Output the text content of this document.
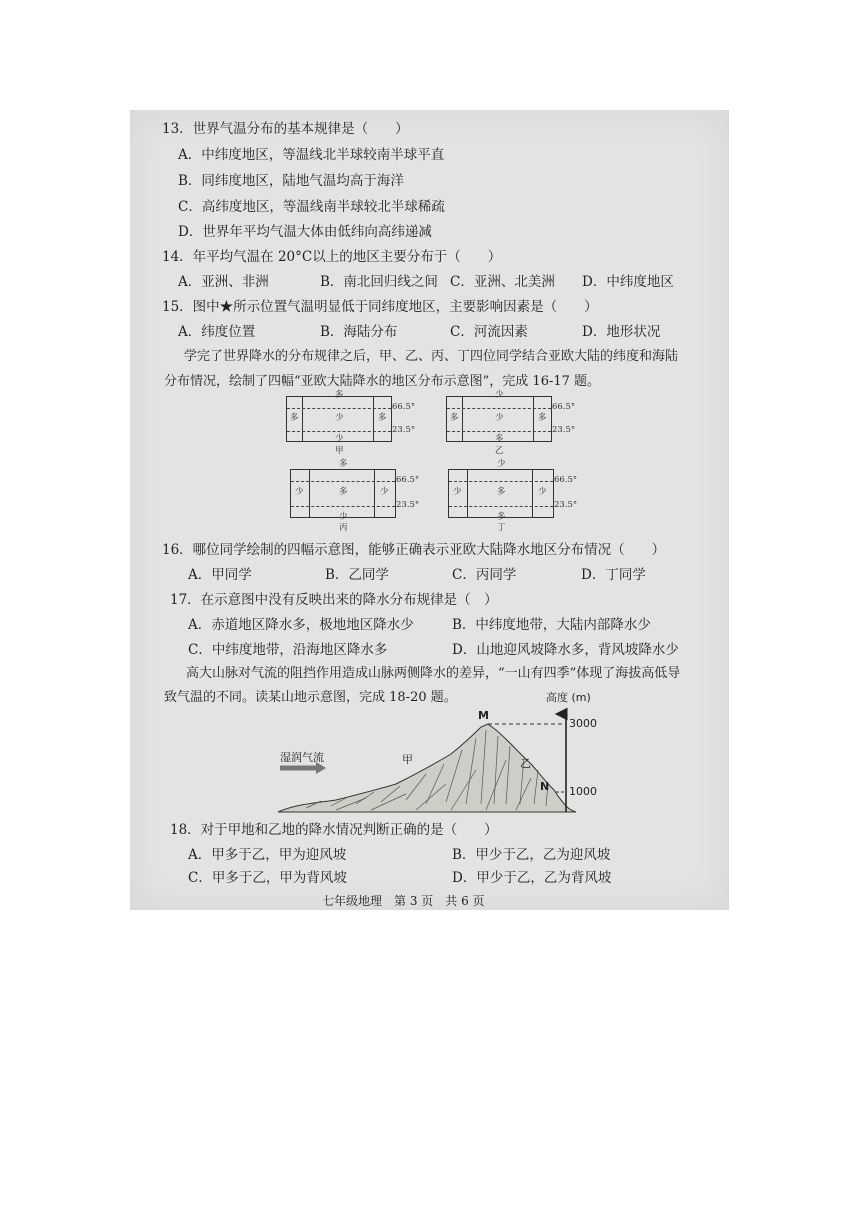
13．世界气温分布的基本规律是（　　）
A．中纬度地区，等温线北半球较南半球平直
B．同纬度地区，陆地气温均高于海洋
C．高纬度地区，等温线南半球较北半球稀疏
D．世界年平均气温大体由低纬向高纬递减
14．年平均气温在 20°C以上的地区主要分布于（　　）
A．亚洲、非洲	B．南北回归线之间 C．亚洲、北美洲 D．中纬度地区
15．图中★所示位置气温明显低于同纬度地区，主要影响因素是（　　）
A．纬度位置	B．海陆分布	C．河流因素	D．地形状况
学完了世界降水的分布规律之后，甲、乙、丙、丁四位同学结合亚欧大陆的纬度和海陆
分布情况，绘制了四幅“亚欧大陆降水的地区分布示意图”，完成 16-17 题。
多
多	少	多
66.5°
23.5°
少
甲
少
多	少	多
66.5°
23.5°
多
乙
多
少	多	少
66.5°
23.5°
少
丙
少
少	多	少
66.5°
23.5°
多
丁
16．哪位同学绘制的四幅示意图，能够正确表示亚欧大陆降水地区分布情况（　　）
A．甲同学	B．乙同学	C．丙同学	D．丁同学
17．在示意图中没有反映出来的降水分布规律是（　）
A．赤道地区降水多，极地地区降水少	B．中纬度地带，大陆内部降水少
C．中纬度地带，沿海地区降水多	D．山地迎风坡降水多，背风坡降水少
高大山脉对气流的阻挡作用造成山脉两侧降水的差异，“一山有四季”体现了海拔高低导
致气温的不同。读某山地示意图，完成 18-20 题。	高度 (m)
3000
1000
M
N
甲	乙
湿润气流
18．对于甲地和乙地的降水情况判断正确的是（　　）
A．甲多于乙，甲为迎风坡	B．甲少于乙，乙为迎风坡
C．甲多于乙，甲为背风坡	D．甲少于乙，乙为背风坡
七年级地理　第 3 页　共 6 页
